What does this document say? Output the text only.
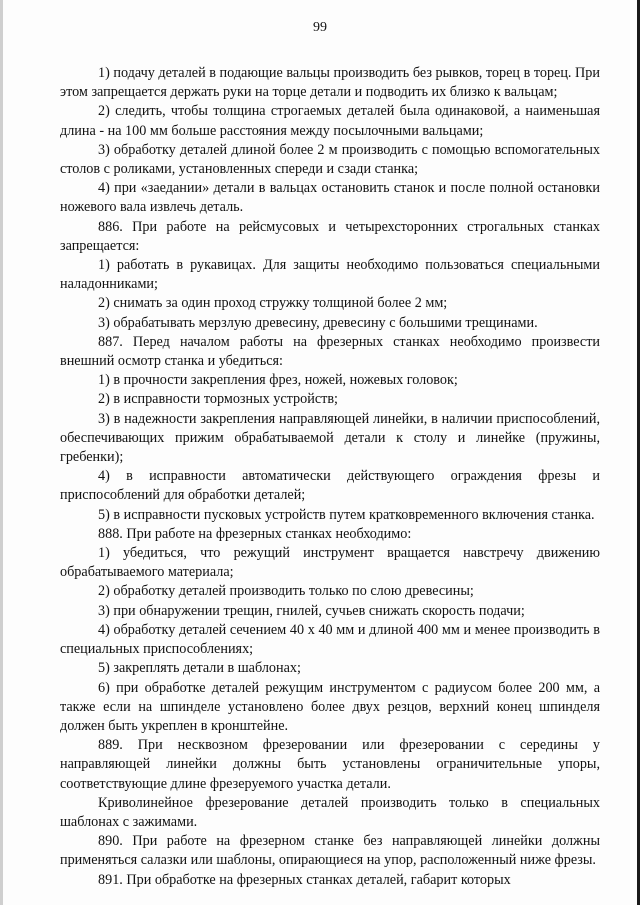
99

1) подачу деталей в подающие вальцы производить без рывков, торец в торец. При этом запрещается держать руки на торце детали и подводить их близко к вальцам;

2) следить, чтобы толщина строгаемых деталей была одинаковой, а наименьшая длина - на 100 мм больше расстояния между посылочными вальцами;

3) обработку деталей длиной более 2 м производить с помощью вспомогательных столов с роликами, установленных спереди и сзади станка;

4) при «заедании» детали в вальцах остановить станок и после полной остановки ножевого вала извлечь деталь.

886. При работе на рейсмусовых и четырехсторонних строгальных станках запрещается:

1) работать в рукавицах. Для защиты необходимо пользоваться специальными наладонниками;

2) снимать за один проход стружку толщиной более 2 мм;

3) обрабатывать мерзлую древесину, древесину с большими трещинами.

887. Перед началом работы на фрезерных станках необходимо произвести внешний осмотр станка и убедиться:

1) в прочности закрепления фрез, ножей, ножевых головок;

2) в исправности тормозных устройств;

3) в надежности закрепления направляющей линейки, в наличии приспособлений, обеспечивающих прижим обрабатываемой детали к столу и линейке (пружины, гребенки);

4) в исправности автоматически действующего ограждения фрезы и приспособлений для обработки деталей;

5) в исправности пусковых устройств путем кратковременного включения станка.

888. При работе на фрезерных станках необходимо:

1) убедиться, что режущий инструмент вращается навстречу движению обрабатываемого материала;

2) обработку деталей производить только по слою древесины;

3) при обнаружении трещин, гнилей, сучьев снижать скорость подачи;

4) обработку деталей сечением 40 х 40 мм и длиной 400 мм и менее производить в специальных приспособлениях;

5) закреплять детали в шаблонах;

6) при обработке деталей режущим инструментом с радиусом более 200 мм, а также если на шпинделе установлено более двух резцов, верхний конец шпинделя должен быть укреплен в кронштейне.

889. При несквозном фрезеровании или фрезеровании с середины у направляющей линейки должны быть установлены ограничительные упоры, соответствующие длине фрезеруемого участка детали.

Криволинейное фрезерование деталей производить только в специальных шаблонах с зажимами.

890. При работе на фрезерном станке без направляющей линейки должны применяться салазки или шаблоны, опирающиеся на упор, расположенный ниже фрезы.

891. При обработке на фрезерных станках деталей, габарит которых
